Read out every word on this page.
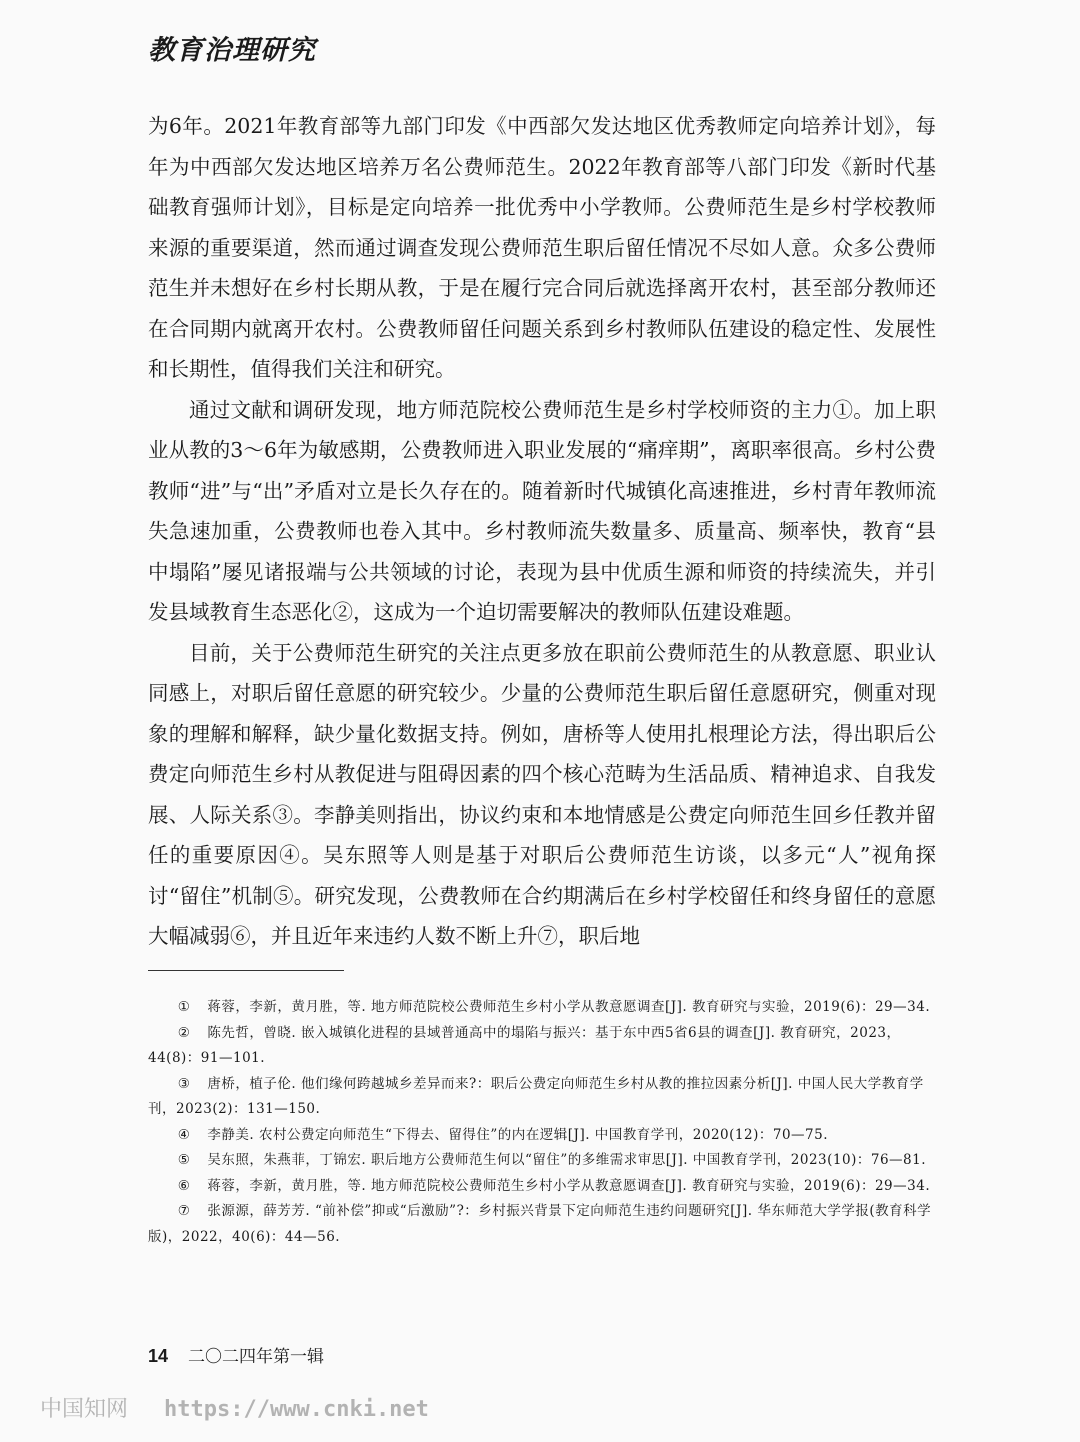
教育治理研究

为6年。2021年教育部等九部门印发《中西部欠发达地区优秀教师定向培养计划》，每年为中西部欠发达地区培养万名公费师范生。2022年教育部等八部门印发《新时代基础教育强师计划》，目标是定向培养一批优秀中小学教师。公费师范生是乡村学校教师来源的重要渠道，然而通过调查发现公费师范生职后留任情况不尽如人意。众多公费师范生并未想好在乡村长期从教，于是在履行完合同后就选择离开农村，甚至部分教师还在合同期内就离开农村。公费教师留任问题关系到乡村教师队伍建设的稳定性、发展性和长期性，值得我们关注和研究。

通过文献和调研发现，地方师范院校公费师范生是乡村学校师资的主力①。加上职业从教的3～6年为敏感期，公费教师进入职业发展的“痛痒期”，离职率很高。乡村公费教师“进”与“出”矛盾对立是长久存在的。随着新时代城镇化高速推进，乡村青年教师流失急速加重，公费教师也卷入其中。乡村教师流失数量多、质量高、频率快，教育“县中塌陷”屡见诸报端与公共领域的讨论，表现为县中优质生源和师资的持续流失，并引发县域教育生态恶化②，这成为一个迫切需要解决的教师队伍建设难题。

目前，关于公费师范生研究的关注点更多放在职前公费师范生的从教意愿、职业认同感上，对职后留任意愿的研究较少。少量的公费师范生职后留任意愿研究，侧重对现象的理解和解释，缺少量化数据支持。例如，唐桥等人使用扎根理论方法，得出职后公费定向师范生乡村从教促进与阻碍因素的四个核心范畴为生活品质、精神追求、自我发展、人际关系③。李静美则指出，协议约束和本地情感是公费定向师范生回乡任教并留任的重要原因④。吴东照等人则是基于对职后公费师范生访谈，以多元“人”视角探讨“留住”机制⑤。研究发现，公费教师在合约期满后在乡村学校留任和终身留任的意愿大幅减弱⑥，并且近年来违约人数不断上升⑦，职后地

① 蒋蓉，李新，黄月胜，等. 地方师范院校公费师范生乡村小学从教意愿调查[J]. 教育研究与实验，2019(6)：29—34.

② 陈先哲，曾晓. 嵌入城镇化进程的县域普通高中的塌陷与振兴：基于东中西5省6县的调查[J]. 教育研究，2023，44(8)：91—101.

③ 唐桥，植子伦. 他们缘何跨越城乡差异而来?：职后公费定向师范生乡村从教的推拉因素分析[J]. 中国人民大学教育学刊，2023(2)：131—150.

④ 李静美. 农村公费定向师范生“下得去、留得住”的内在逻辑[J]. 中国教育学刊，2020(12)：70—75.

⑤ 吴东照，朱燕菲，丁锦宏. 职后地方公费师范生何以“留住”的多维需求审思[J]. 中国教育学刊，2023(10)：76—81.

⑥ 蒋蓉，李新，黄月胜，等. 地方师范院校公费师范生乡村小学从教意愿调查[J]. 教育研究与实验，2019(6)：29—34.

⑦ 张源源，薛芳芳. “前补偿”抑或“后激励”?：乡村振兴背景下定向师范生违约问题研究[J]. 华东师范大学学报(教育科学版)，2022，40(6)：44—56.

14 二〇二四年第一辑
中国知网 https://www.cnki.net
